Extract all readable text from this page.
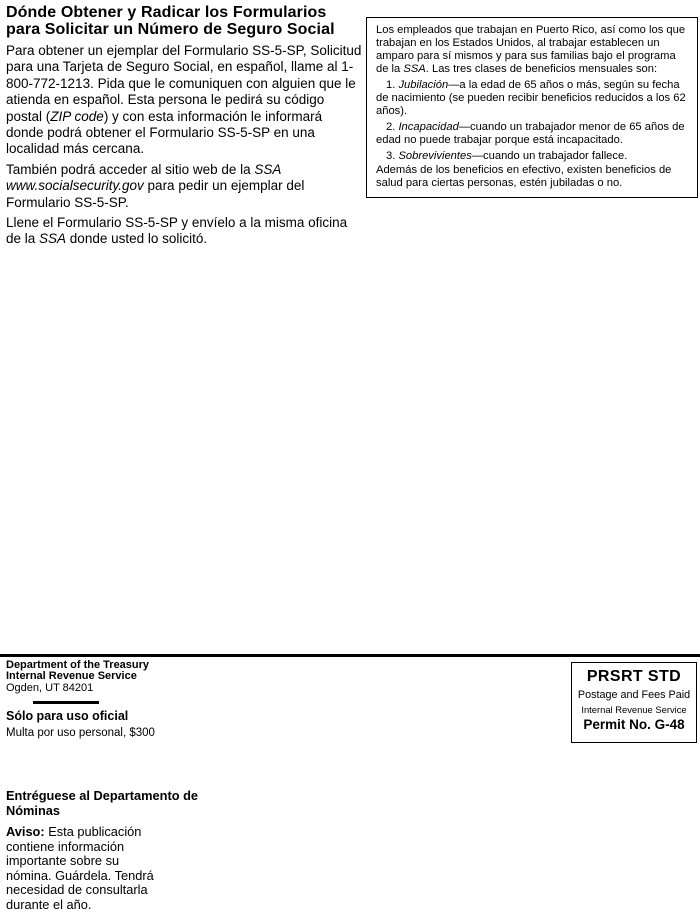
Dónde Obtener y Radicar los Formularios para Solicitar un Número de Seguro Social

Para obtener un ejemplar del Formulario SS-5-SP, Solicitud para una Tarjeta de Seguro Social, en español, llame al 1-800-772-1213. Pida que le comuniquen con alguien que le atienda en español. Esta persona le pedirá su código postal (ZIP code) y con esta información le informará donde podrá obtener el Formulario SS-5-SP en una localidad más cercana.

También podrá acceder al sitio web de la SSA www.socialsecurity.gov para pedir un ejemplar del Formulario SS-5-SP.

Llene el Formulario SS-5-SP y envíelo a la misma oficina de la SSA donde usted lo solicitó.

Los empleados que trabajan en Puerto Rico, así como los que trabajan en los Estados Unidos, al trabajar establecen un amparo para sí mismos y para sus familias bajo el programa de la SSA. Las tres clases de beneficios mensuales son:

1. Jubilación—a la edad de 65 años o más, según su fecha de nacimiento (se pueden recibir beneficios reducidos a los 62 años).

2. Incapacidad—cuando un trabajador menor de 65 años de edad no puede trabajar porque está incapacitado.

3. Sobrevivientes—cuando un trabajador fallece.

Además de los beneficios en efectivo, existen beneficios de salud para ciertas personas, estén jubiladas o no.

Department of the Treasury
Internal Revenue Service
Ogden, UT 84201
Sólo para uso oficial
Multa por uso personal, $300
PRSRT STD
Postage and Fees Paid
Internal Revenue Service
Permit No. G-48
Entréguese al Departamento de Nóminas

Aviso: Esta publicación contiene información importante sobre su nómina. Guárdela. Tendrá necesidad de consultarla durante el año.
